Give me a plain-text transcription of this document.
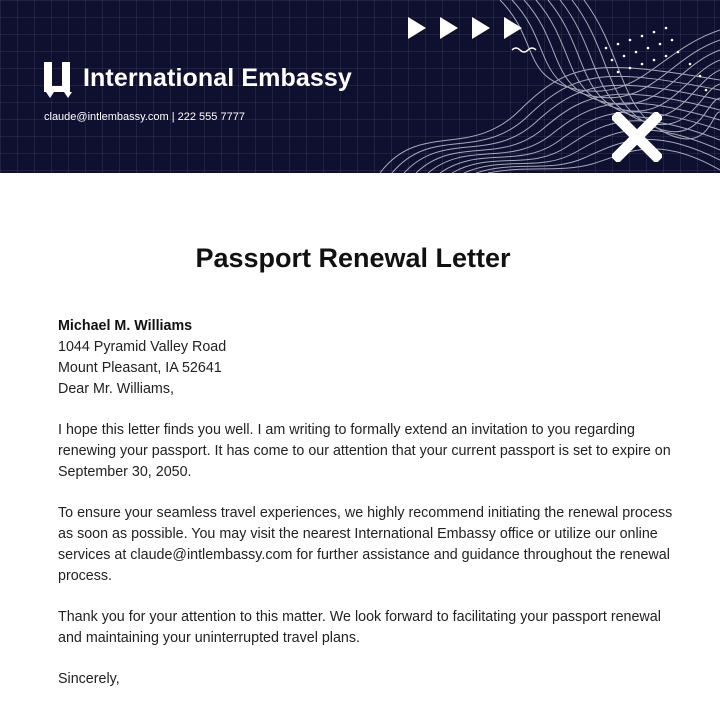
International Embassy
claude@intlembassy.com | 222 555 7777
Passport Renewal Letter

Michael M. Williams

1044 Pyramid Valley Road

Mount Pleasant, IA 52641

Dear Mr. Williams,

I hope this letter finds you well. I am writing to formally extend an invitation to you regarding renewing your passport. It has come to our attention that your current passport is set to expire on September 30, 2050.

To ensure your seamless travel experiences, we highly recommend initiating the renewal process as soon as possible. You may visit the nearest International Embassy office or utilize our online services at claude@intlembassy.com for further assistance and guidance throughout the renewal process.

Thank you for your attention to this matter. We look forward to facilitating your passport renewal and maintaining your uninterrupted travel plans.

Sincerely,
